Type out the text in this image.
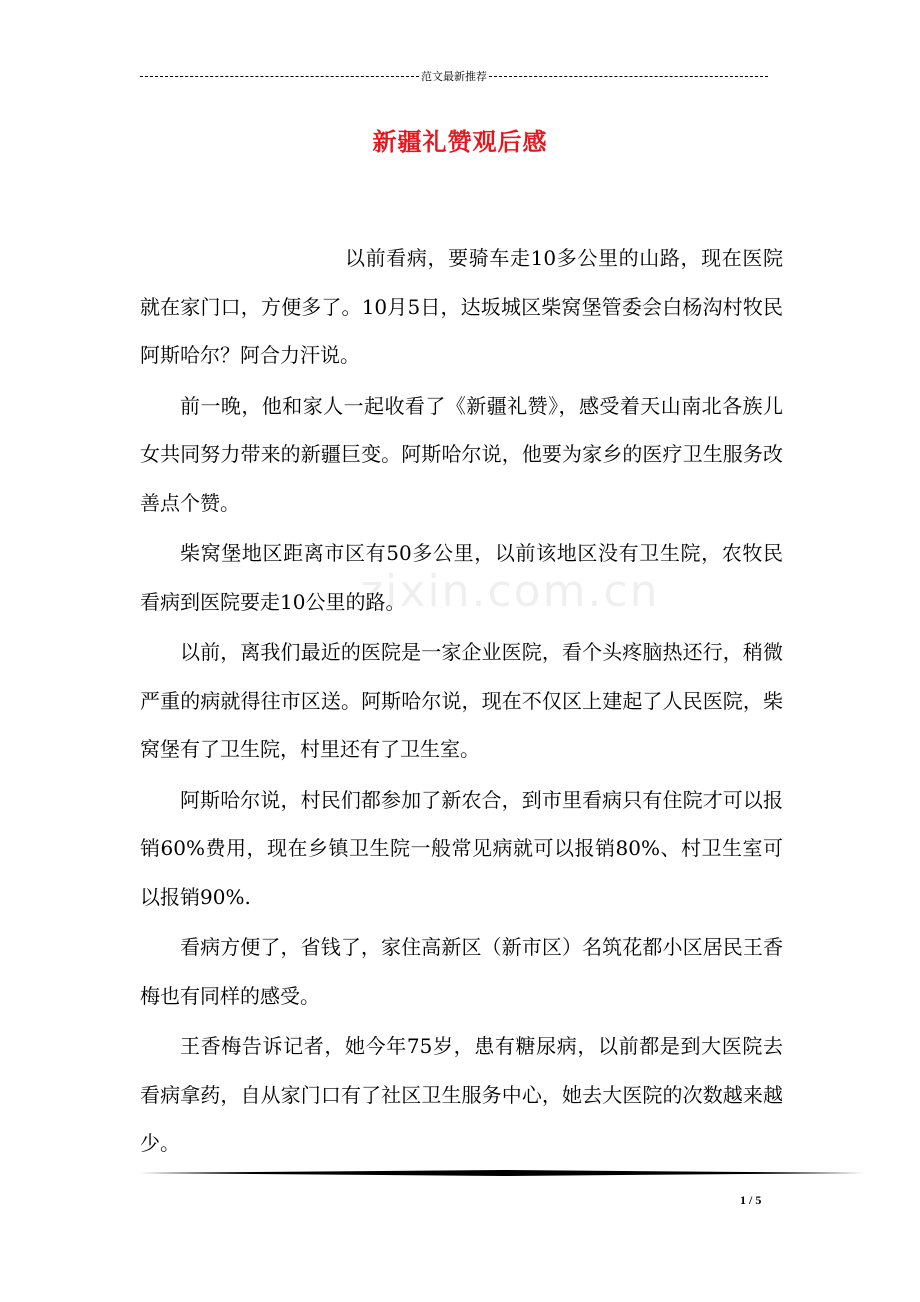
范文最新推荐
新疆礼赞观后感
zixin.com.cn

以前看病，要骑车走10多公里的山路，现在医院就在家门口，方便多了。10月5日，达坂城区柴窝堡管委会白杨沟村牧民阿斯哈尔？阿合力汗说。

前一晚，他和家人一起收看了《新疆礼赞》，感受着天山南北各族儿女共同努力带来的新疆巨变。阿斯哈尔说，他要为家乡的医疗卫生服务改善点个赞。

柴窝堡地区距离市区有50多公里，以前该地区没有卫生院，农牧民看病到医院要走10公里的路。

以前，离我们最近的医院是一家企业医院，看个头疼脑热还行，稍微严重的病就得往市区送。阿斯哈尔说，现在不仅区上建起了人民医院，柴窝堡有了卫生院，村里还有了卫生室。

阿斯哈尔说，村民们都参加了新农合，到市里看病只有住院才可以报销60%费用，现在乡镇卫生院一般常见病就可以报销80%、村卫生室可以报销90%.

看病方便了，省钱了，家住高新区（新市区）名筑花都小区居民王香梅也有同样的感受。

王香梅告诉记者，她今年75岁，患有糖尿病，以前都是到大医院去看病拿药，自从家门口有了社区卫生服务中心，她去大医院的次数越来越少。

1 / 5
